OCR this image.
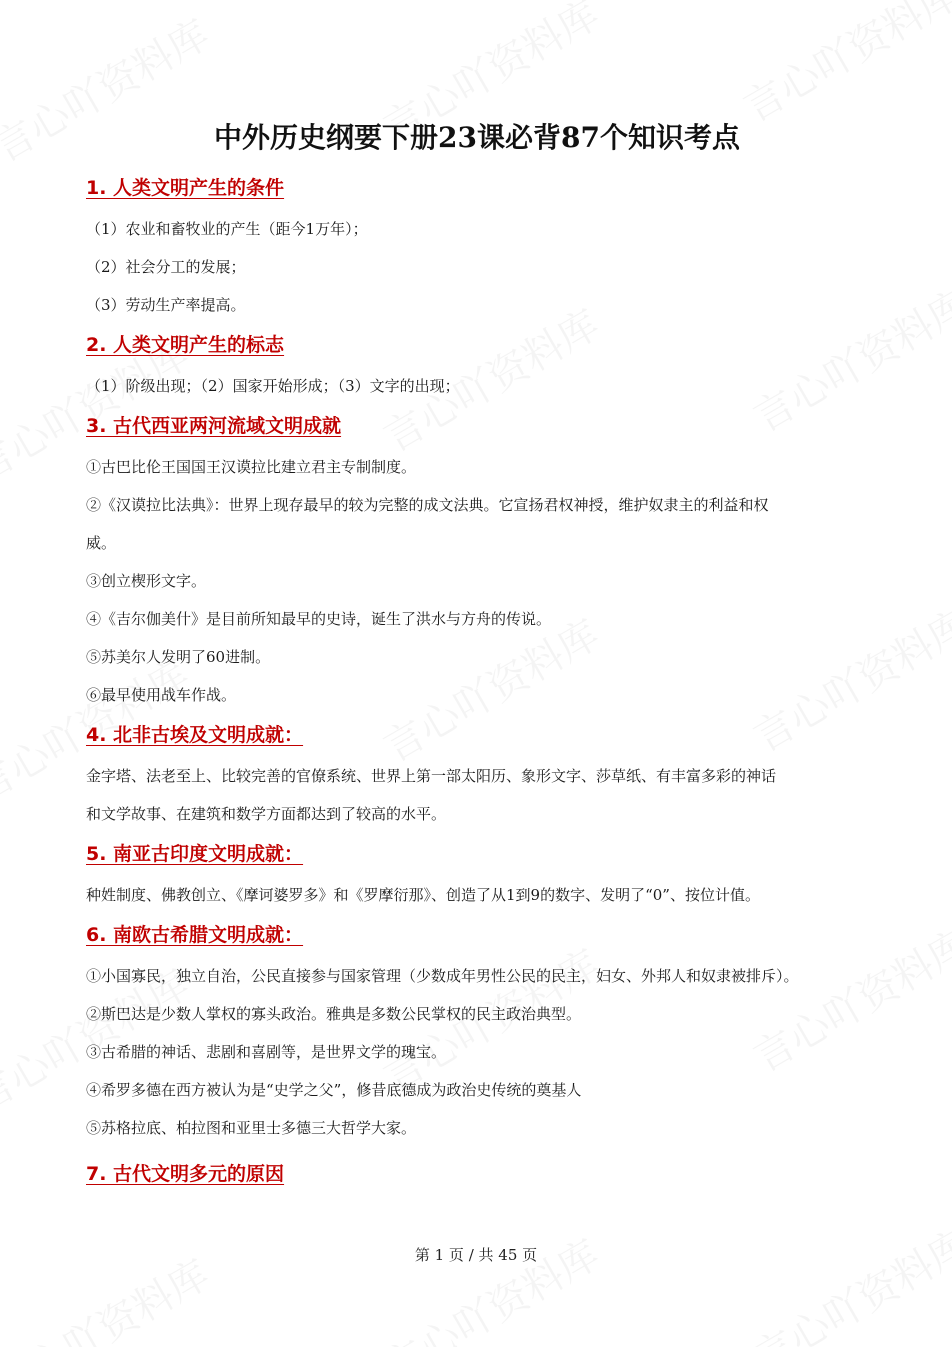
中外历史纲要下册23课必背87个知识考点
1. 人类文明产生的条件

（1）农业和畜牧业的产生（距今1万年）；

（2）社会分工的发展；

（3）劳动生产率提高。

2. 人类文明产生的标志

（1）阶级出现；（2）国家开始形成；（3）文字的出现；

3. 古代西亚两河流域文明成就

①古巴比伦王国国王汉谟拉比建立君主专制制度。

②《汉谟拉比法典》：世界上现存最早的较为完整的成文法典。它宣扬君权神授，维护奴隶主的利益和权

威。

③创立楔形文字。

④《吉尔伽美什》是目前所知最早的史诗，诞生了洪水与方舟的传说。

⑤苏美尔人发明了60进制。

⑥最早使用战车作战。

4. 北非古埃及文明成就：

金字塔、法老至上、比较完善的官僚系统、世界上第一部太阳历、象形文字、莎草纸、有丰富多彩的神话

和文学故事、在建筑和数学方面都达到了较高的水平。

5. 南亚古印度文明成就：

种姓制度、佛教创立、《摩诃婆罗多》和《罗摩衍那》、创造了从1到9的数字、发明了“0”、按位计值。

6. 南欧古希腊文明成就：

①小国寡民，独立自治，公民直接参与国家管理（少数成年男性公民的民主，妇女、外邦人和奴隶被排斥）。

②斯巴达是少数人掌权的寡头政治。雅典是多数公民掌权的民主政治典型。

③古希腊的神话、悲剧和喜剧等，是世界文学的瑰宝。

④希罗多德在西方被认为是“史学之父”，修昔底德成为政治史传统的奠基人

⑤苏格拉底、柏拉图和亚里士多德三大哲学大家。

7. 古代文明多元的原因
第 1 页 / 共 45 页
